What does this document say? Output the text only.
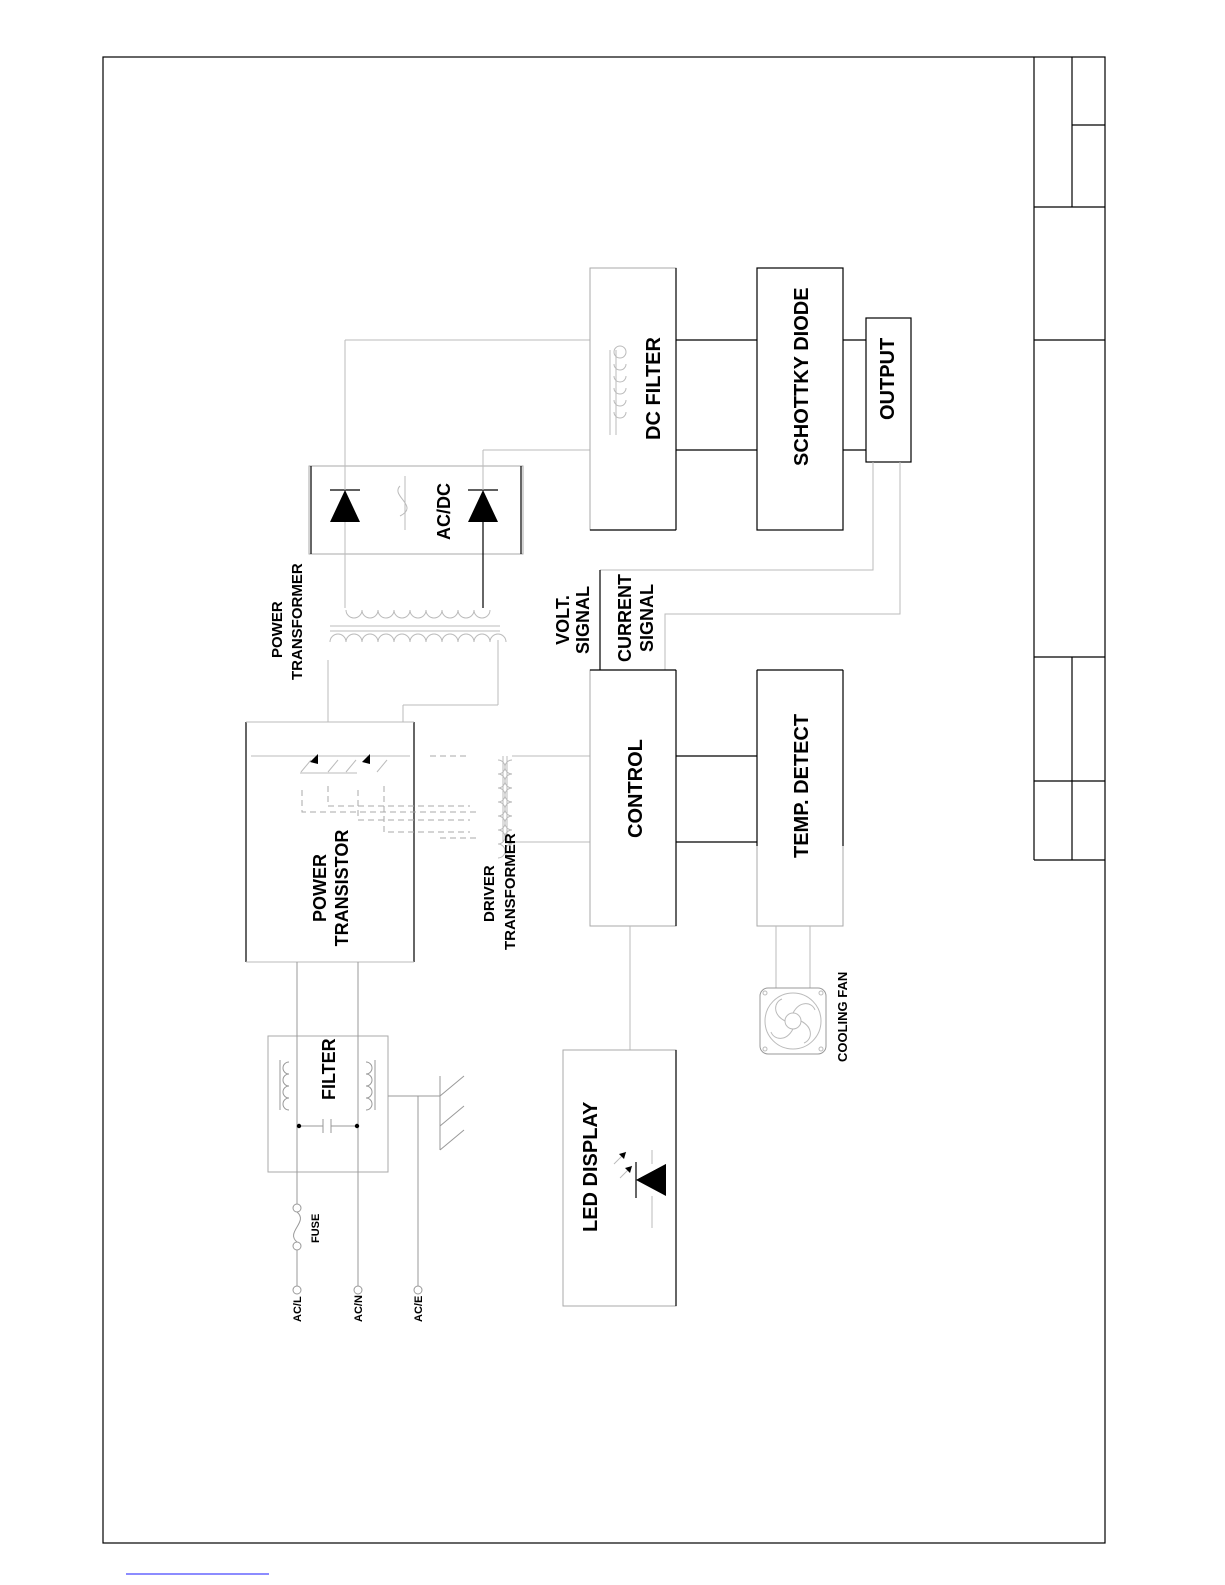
AC/L	AC/N	AC/E
FUSE
FILTER
POWER TRANSISTOR
POWER TRANSFORMER
AC/DC
DC FILTER	SCHOTTKY DIODE	OUTPUT
VOLT. SIGNAL CURRENT SIGNAL
DRIVER TRANSFORMER
CONTROL	TEMP. DETECT
COOLING FAN
LED DISPLAY
